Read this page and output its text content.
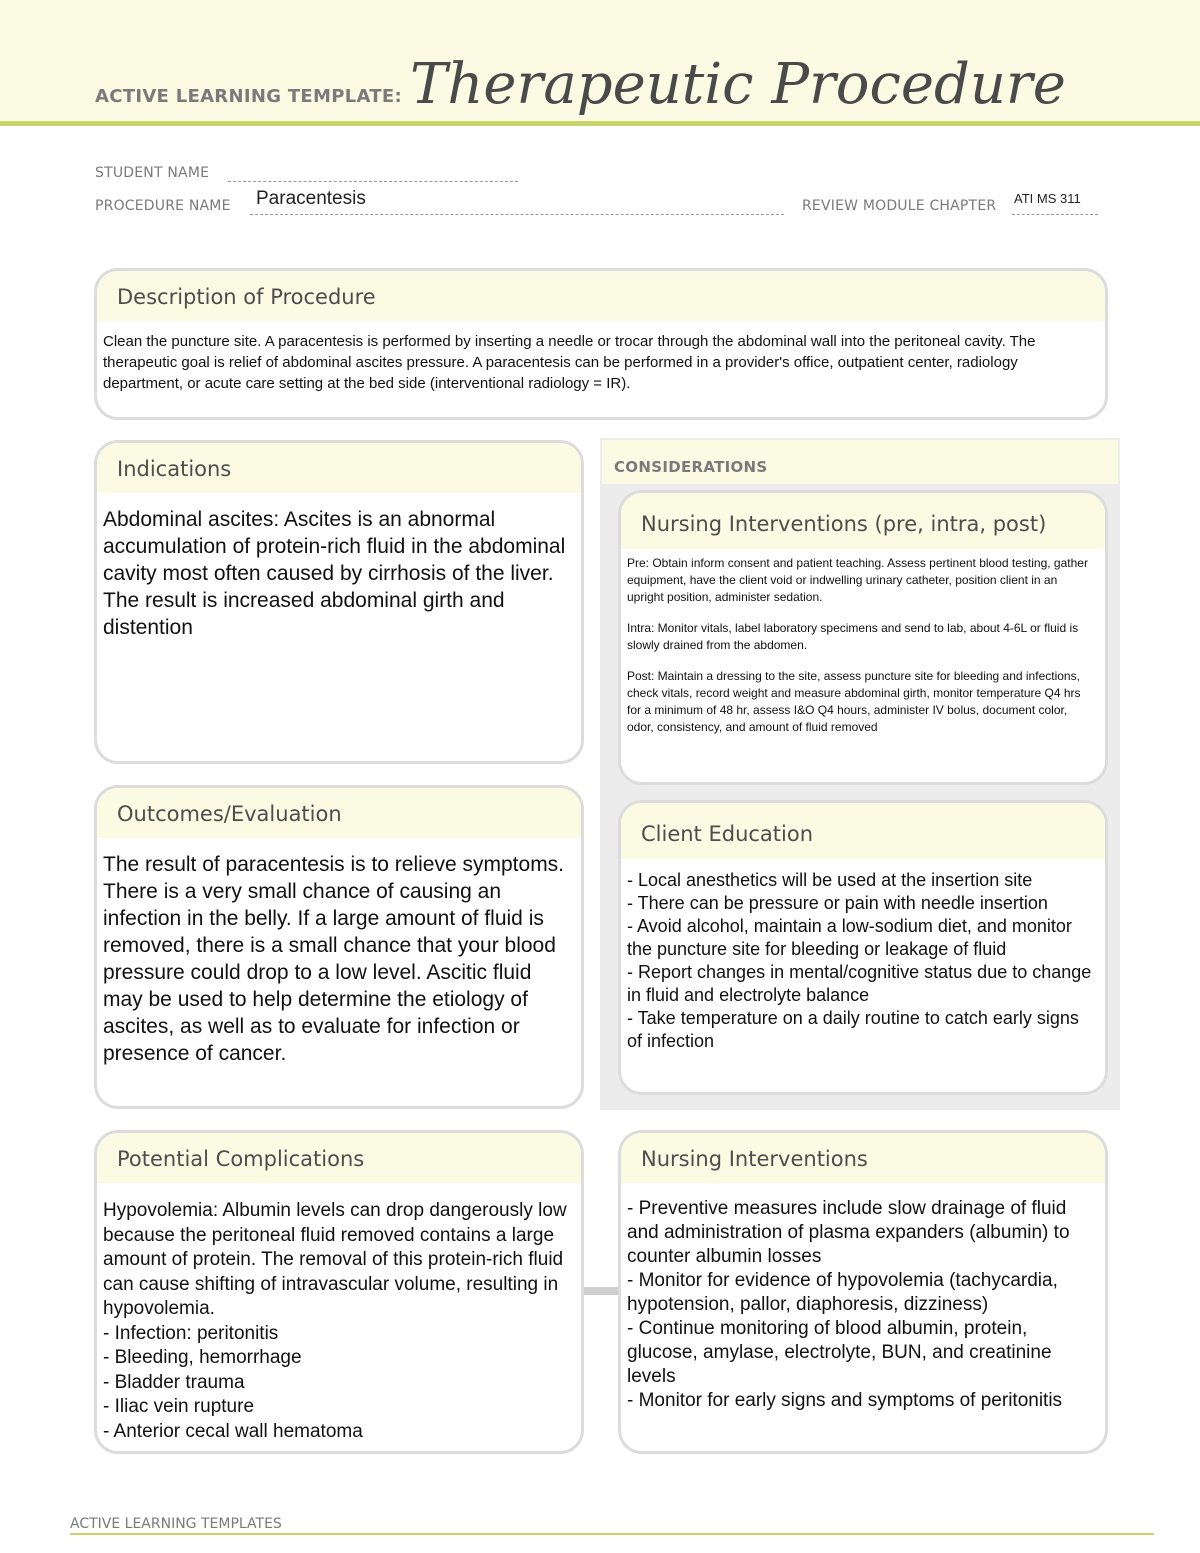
ACTIVE LEARNING TEMPLATE: Therapeutic Procedure
STUDENT NAME
PROCEDURE NAME Paracentesis	REVIEW MODULE CHAPTER ATI MS 311
Description of Procedure
Clean the puncture site. A paracentesis is performed by inserting a needle or trocar through the abdominal wall into the peritoneal cavity. The therapeutic goal is relief of abdominal ascites pressure. A paracentesis can be performed in a provider's office, outpatient center, radiology department, or acute care setting at the bed side (interventional radiology = IR).
Indications
Abdominal ascites: Ascites is an abnormal accumulation of protein-rich fluid in the abdominal cavity most often caused by cirrhosis of the liver. The result is increased abdominal girth and distention
CONSIDERATIONS
Nursing Interventions (pre, intra, post)

Pre: Obtain inform consent and patient teaching. Assess pertinent blood testing, gather equipment, have the client void or indwelling urinary catheter, position client in an upright position, administer sedation.

Intra: Monitor vitals, label laboratory specimens and send to lab, about 4-6L or fluid is slowly drained from the abdomen.

Post: Maintain a dressing to the site, assess puncture site for bleeding and infections, check vitals, record weight and measure abdominal girth, monitor temperature Q4 hrs for a minimum of 48 hr, assess I&O Q4 hours, administer IV bolus, document color, odor, consistency, and amount of fluid removed

Outcomes/Evaluation
The result of paracentesis is to relieve symptoms. There is a very small chance of causing an infection in the belly. If a large amount of fluid is removed, there is a small chance that your blood pressure could drop to a low level. Ascitic fluid may be used to help determine the etiology of ascites, as well as to evaluate for infection or presence of cancer.
Client Education
- Local anesthetics will be used at the insertion site
- There can be pressure or pain with needle insertion
- Avoid alcohol, maintain a low-sodium diet, and monitor the puncture site for bleeding or leakage of fluid
- Report changes in mental/cognitive status due to change in fluid and electrolyte balance
- Take temperature on a daily routine to catch early signs of infection
Potential Complications
Hypovolemia: Albumin levels can drop dangerously low because the peritoneal fluid removed contains a large amount of protein. The removal of this protein-rich fluid can cause shifting of intravascular volume, resulting in hypovolemia.
- Infection: peritonitis
- Bleeding, hemorrhage
- Bladder trauma
- Iliac vein rupture
- Anterior cecal wall hematoma
Nursing Interventions
- Preventive measures include slow drainage of fluid and administration of plasma expanders (albumin) to counter albumin losses
- Monitor for evidence of hypovolemia (tachycardia, hypotension, pallor, diaphoresis, dizziness)
- Continue monitoring of blood albumin, protein, glucose, amylase, electrolyte, BUN, and creatinine levels
- Monitor for early signs and symptoms of peritonitis
ACTIVE LEARNING TEMPLATES
